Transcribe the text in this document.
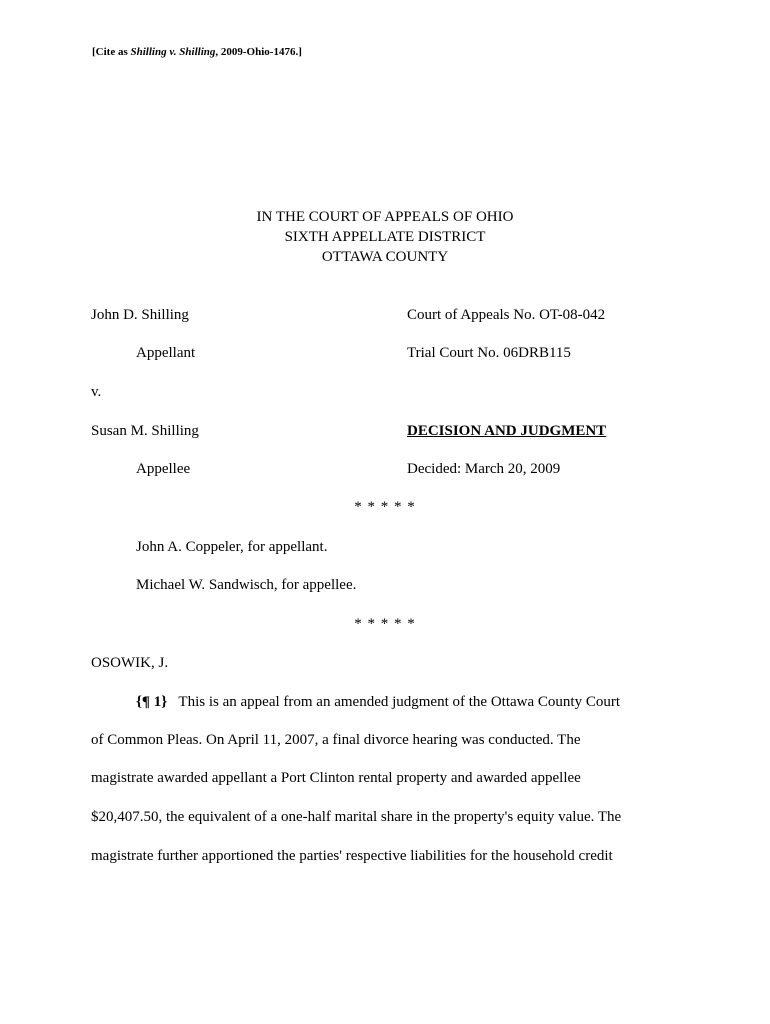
[Cite as Shilling v. Shilling, 2009-Ohio-1476.]
IN THE COURT OF APPEALS OF OHIO
SIXTH APPELLATE DISTRICT
OTTAWA COUNTY
John D. Shilling	Court of Appeals No. OT-08-042
Appellant	Trial Court No. 06DRB115
v.
Susan M. Shilling	DECISION AND JUDGMENT
Appellee	Decided: March 20, 2009
* * * * *
John A. Coppeler, for appellant.
Michael W. Sandwisch, for appellee.
* * * * *
OSOWIK, J.
{¶ 1} This is an appeal from an amended judgment of the Ottawa County Court
of Common Pleas. On April 11, 2007, a final divorce hearing was conducted. The
magistrate awarded appellant a Port Clinton rental property and awarded appellee
$20,407.50, the equivalent of a one-half marital share in the property's equity value. The
magistrate further apportioned the parties' respective liabilities for the household credit
